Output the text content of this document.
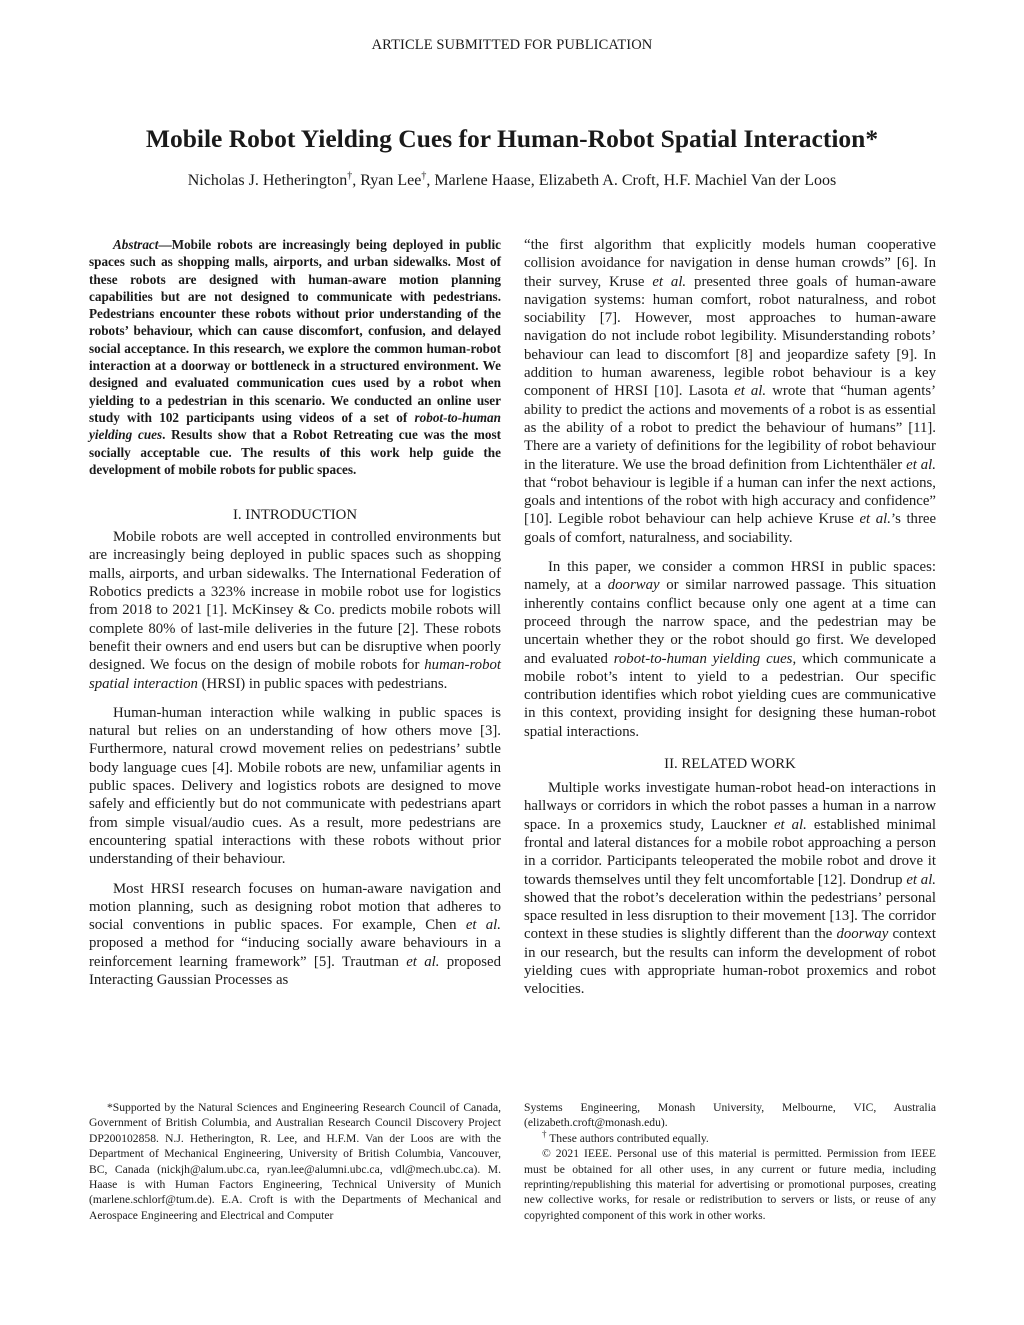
ARTICLE SUBMITTED FOR PUBLICATION
Mobile Robot Yielding Cues for Human-Robot Spatial Interaction*
Nicholas J. Hetherington†, Ryan Lee†, Marlene Haase, Elizabeth A. Croft, H.F. Machiel Van der Loos

Abstract—Mobile robots are increasingly being deployed in public spaces such as shopping malls, airports, and urban sidewalks. Most of these robots are designed with human-aware motion planning capabilities but are not designed to communicate with pedestrians. Pedestrians encounter these robots without prior understanding of the robots’ behaviour, which can cause discomfort, confusion, and delayed social acceptance. In this research, we explore the common human-robot interaction at a doorway or bottleneck in a structured environment. We designed and evaluated communication cues used by a robot when yielding to a pedestrian in this scenario. We conducted an online user study with 102 participants using videos of a set of robot-to-human yielding cues. Results show that a Robot Retreating cue was the most socially acceptable cue. The results of this work help guide the development of mobile robots for public spaces.

I. INTRODUCTION

Mobile robots are well accepted in controlled environments but are increasingly being deployed in public spaces such as shopping malls, airports, and urban sidewalks. The International Federation of Robotics predicts a 323% increase in mobile robot use for logistics from 2018 to 2021 [1]. McKinsey & Co. predicts mobile robots will complete 80% of last-mile deliveries in the future [2]. These robots benefit their owners and end users but can be disruptive when poorly designed. We focus on the design of mobile robots for human-robot spatial interaction (HRSI) in public spaces with pedestrians.

Human-human interaction while walking in public spaces is natural but relies on an understanding of how others move [3]. Furthermore, natural crowd movement relies on pedestrians’ subtle body language cues [4]. Mobile robots are new, unfamiliar agents in public spaces. Delivery and logistics robots are designed to move safely and efficiently but do not communicate with pedestrians apart from simple visual/audio cues. As a result, more pedestrians are encountering spatial interactions with these robots without prior understanding of their behaviour.

Most HRSI research focuses on human-aware navigation and motion planning, such as designing robot motion that adheres to social conventions in public spaces. For example, Chen et al. proposed a method for “inducing socially aware behaviours in a reinforcement learning framework” [5]. Trautman et al. proposed Interacting Gaussian Processes as

“the first algorithm that explicitly models human cooperative collision avoidance for navigation in dense human crowds” [6]. In their survey, Kruse et al. presented three goals of human-aware navigation systems: human comfort, robot naturalness, and robot sociability [7]. However, most approaches to human-aware navigation do not include robot legibility. Misunderstanding robots’ behaviour can lead to discomfort [8] and jeopardize safety [9]. In addition to human awareness, legible robot behaviour is a key component of HRSI [10]. Lasota et al. wrote that “human agents’ ability to predict the actions and movements of a robot is as essential as the ability of a robot to predict the behaviour of humans” [11]. There are a variety of definitions for the legibility of robot behaviour in the literature. We use the broad definition from Lichtenthäler et al. that “robot behaviour is legible if a human can infer the next actions, goals and intentions of the robot with high accuracy and confidence” [10]. Legible robot behaviour can help achieve Kruse et al.’s three goals of comfort, naturalness, and sociability.

In this paper, we consider a common HRSI in public spaces: namely, at a doorway or similar narrowed passage. This situation inherently contains conflict because only one agent at a time can proceed through the narrow space, and the pedestrian may be uncertain whether they or the robot should go first. We developed and evaluated robot-to-human yielding cues, which communicate a mobile robot’s intent to yield to a pedestrian. Our specific contribution identifies which robot yielding cues are communicative in this context, providing insight for designing these human-robot spatial interactions.

II. RELATED WORK

Multiple works investigate human-robot head-on interactions in hallways or corridors in which the robot passes a human in a narrow space. In a proxemics study, Lauckner et al. established minimal frontal and lateral distances for a mobile robot approaching a person in a corridor. Participants teleoperated the mobile robot and drove it towards themselves until they felt uncomfortable [12]. Dondrup et al. showed that the robot’s deceleration within the pedestrians’ personal space resulted in less disruption to their movement [13]. The corridor context in these studies is slightly different than the doorway context in our research, but the results can inform the development of robot yielding cues with appropriate human-robot proxemics and robot velocities.

*Supported by the Natural Sciences and Engineering Research Council of Canada, Government of British Columbia, and Australian Research Council Discovery Project DP200102858. N.J. Hetherington, R. Lee, and H.F.M. Van der Loos are with the Department of Mechanical Engineering, University of British Columbia, Vancouver, BC, Canada (nickjh@alum.ubc.ca, ryan.lee@alumni.ubc.ca, vdl@mech.ubc.ca). M. Haase is with Human Factors Engineering, Technical University of Munich (marlene.schlorf@tum.de). E.A. Croft is with the Departments of Mechanical and Aerospace Engineering and Electrical and Computer

Systems Engineering, Monash University, Melbourne, VIC, Australia (elizabeth.croft@monash.edu).

† These authors contributed equally.

© 2021 IEEE. Personal use of this material is permitted. Permission from IEEE must be obtained for all other uses, in any current or future media, including reprinting/republishing this material for advertising or promotional purposes, creating new collective works, for resale or redistribution to servers or lists, or reuse of any copyrighted component of this work in other works.
